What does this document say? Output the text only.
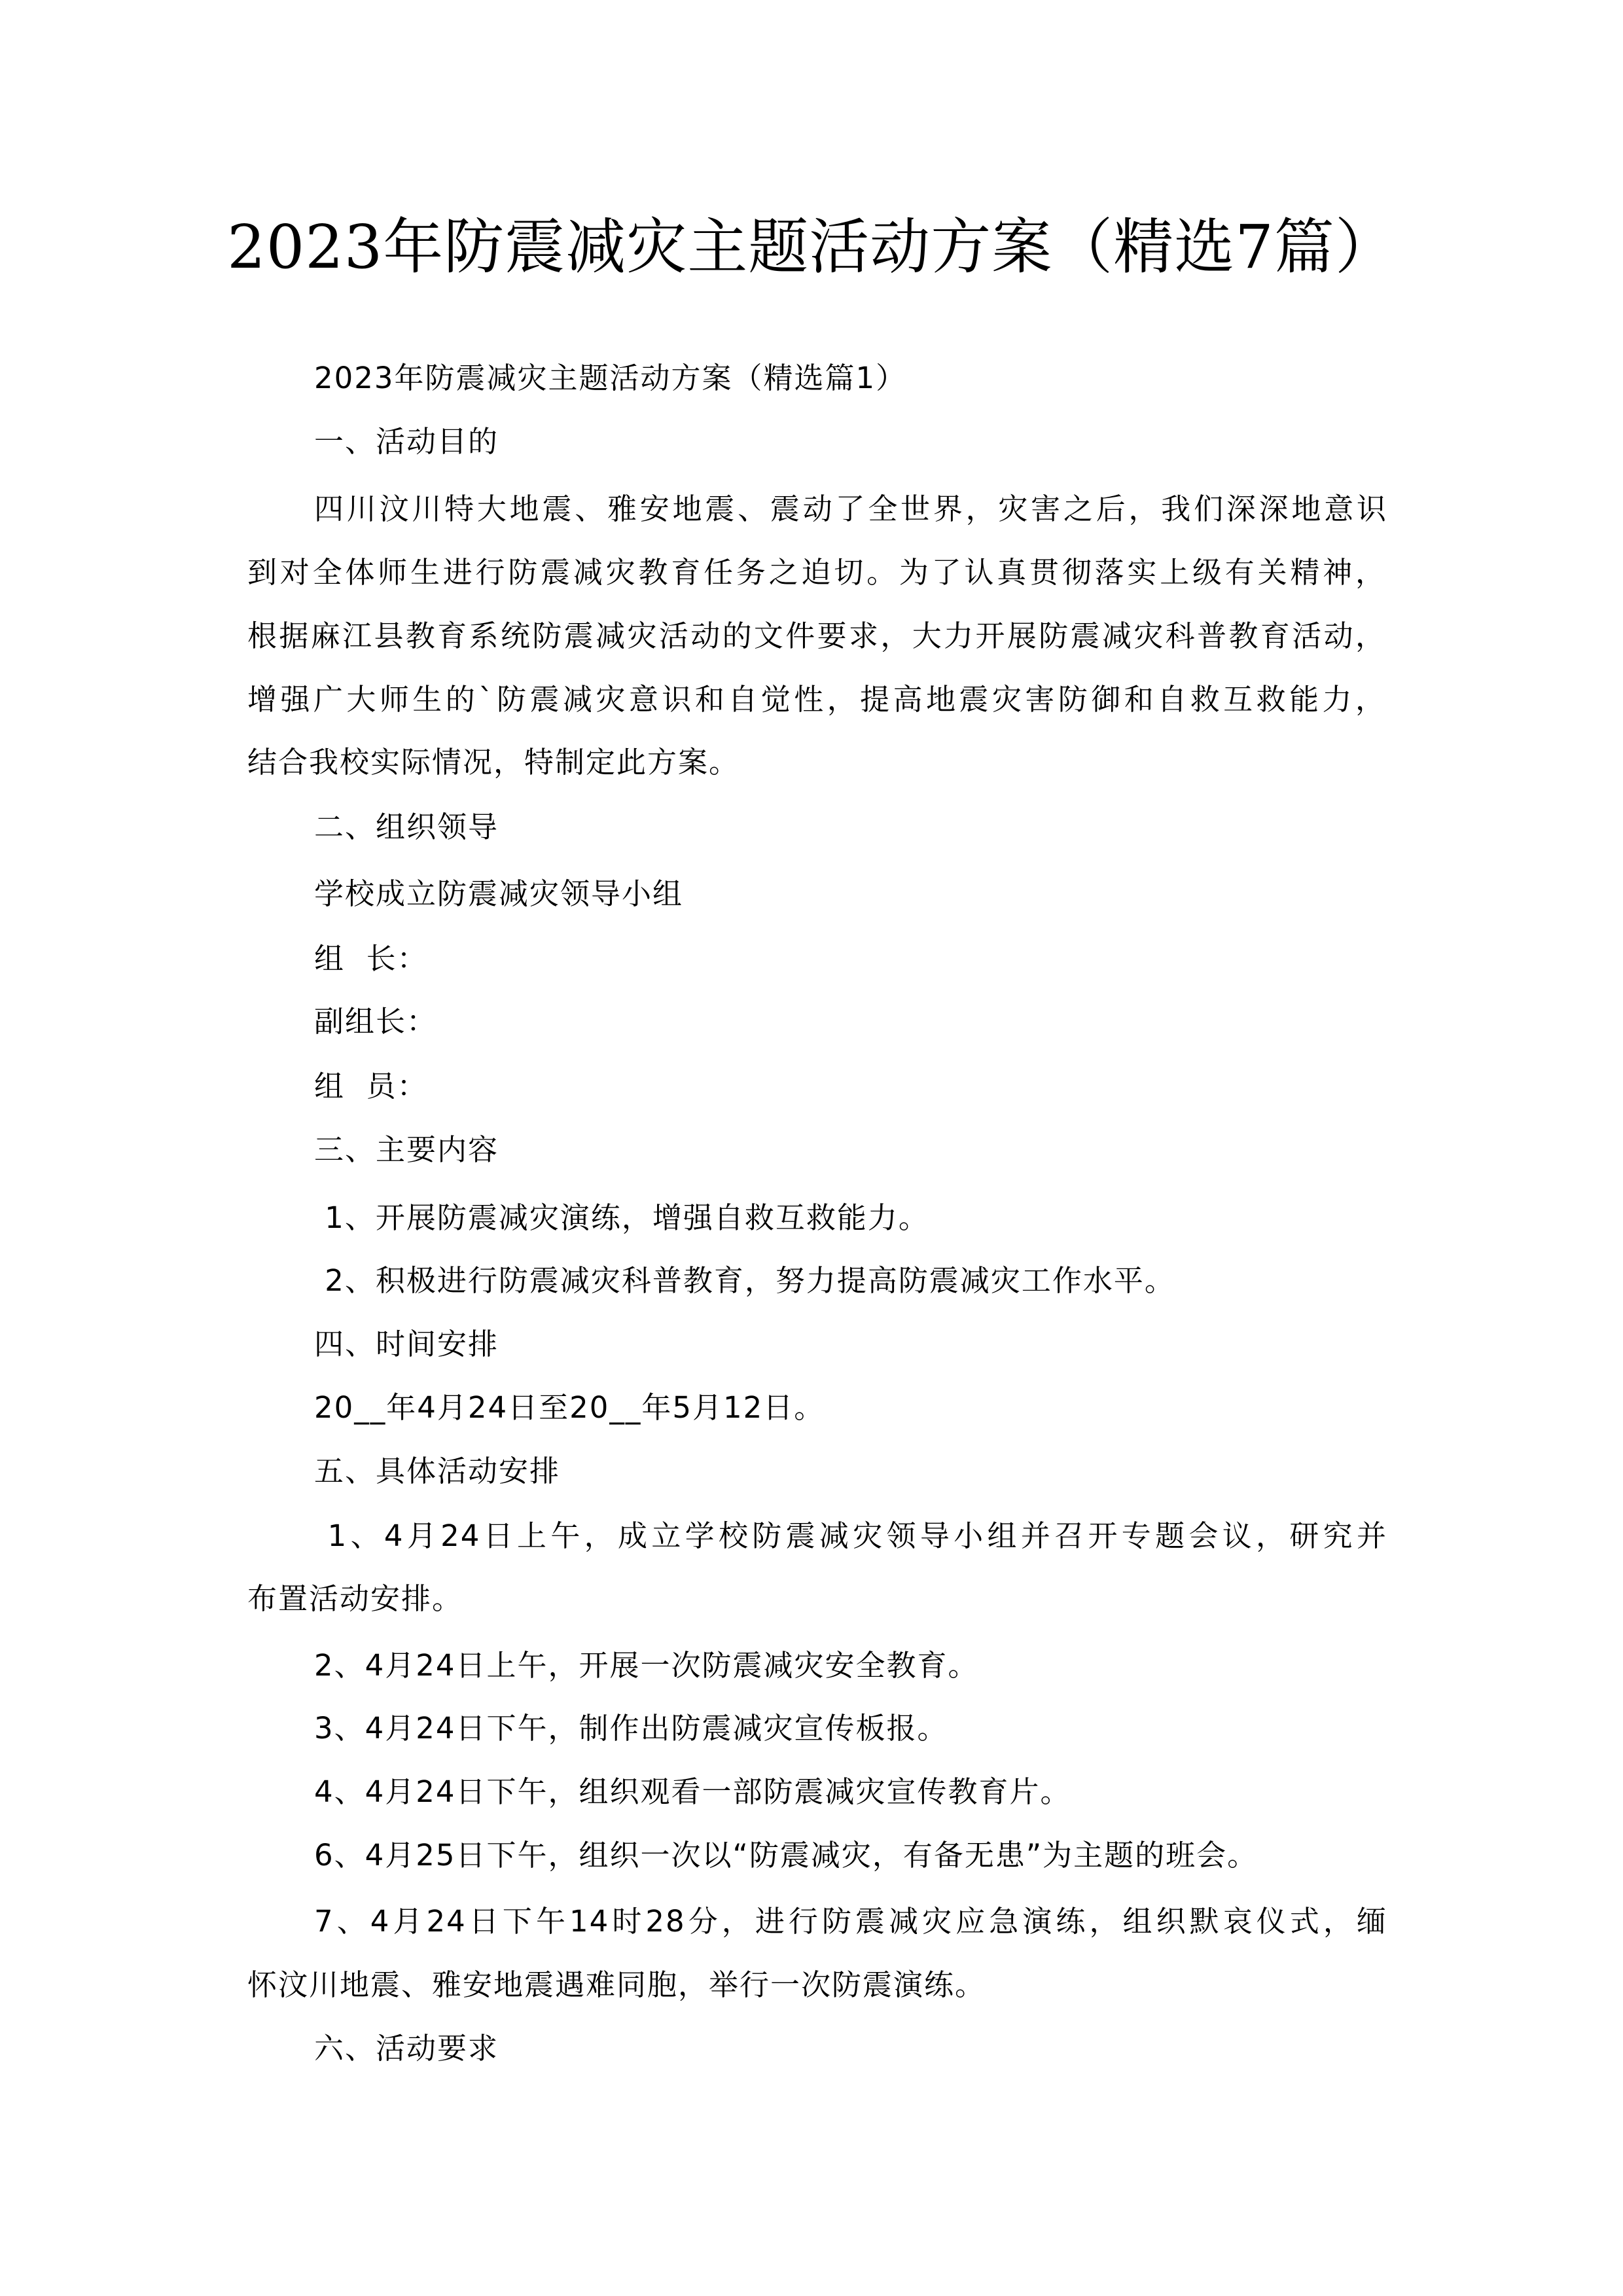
2023年防震减灾主题活动方案（精选7篇）
2023年防震减灾主题活动方案（精选篇1）
一、活动目的
四川汶川特大地震、雅安地震、震动了全世界，灾害之后，我们深深地意识
到对全体师生进行防震减灾教育任务之迫切。为了认真贯彻落实上级有关精神，
根据麻江县教育系统防震减灾活动的文件要求，大力开展防震减灾科普教育活动，
增强广大师生的`防震减灾意识和自觉性，提高地震灾害防御和自救互救能力，
结合我校实际情况，特制定此方案。
二、组织领导
学校成立防震减灾领导小组
组  长：
副组长：
组  员：
三、主要内容
1、开展防震减灾演练，增强自救互救能力。
2、积极进行防震减灾科普教育，努力提高防震减灾工作水平。
四、时间安排
20__年4月24日至20__年5月12日。
五、具体活动安排
1、4月24日上午，成立学校防震减灾领导小组并召开专题会议，研究并
布置活动安排。
2、4月24日上午，开展一次防震减灾安全教育。
3、4月24日下午，制作出防震减灾宣传板报。
4、4月24日下午，组织观看一部防震减灾宣传教育片。
6、4月25日下午，组织一次以“防震减灾，有备无患”为主题的班会。
7、4月24日下午14时28分，进行防震减灾应急演练，组织默哀仪式，缅
怀汶川地震、雅安地震遇难同胞，举行一次防震演练。
六、活动要求
